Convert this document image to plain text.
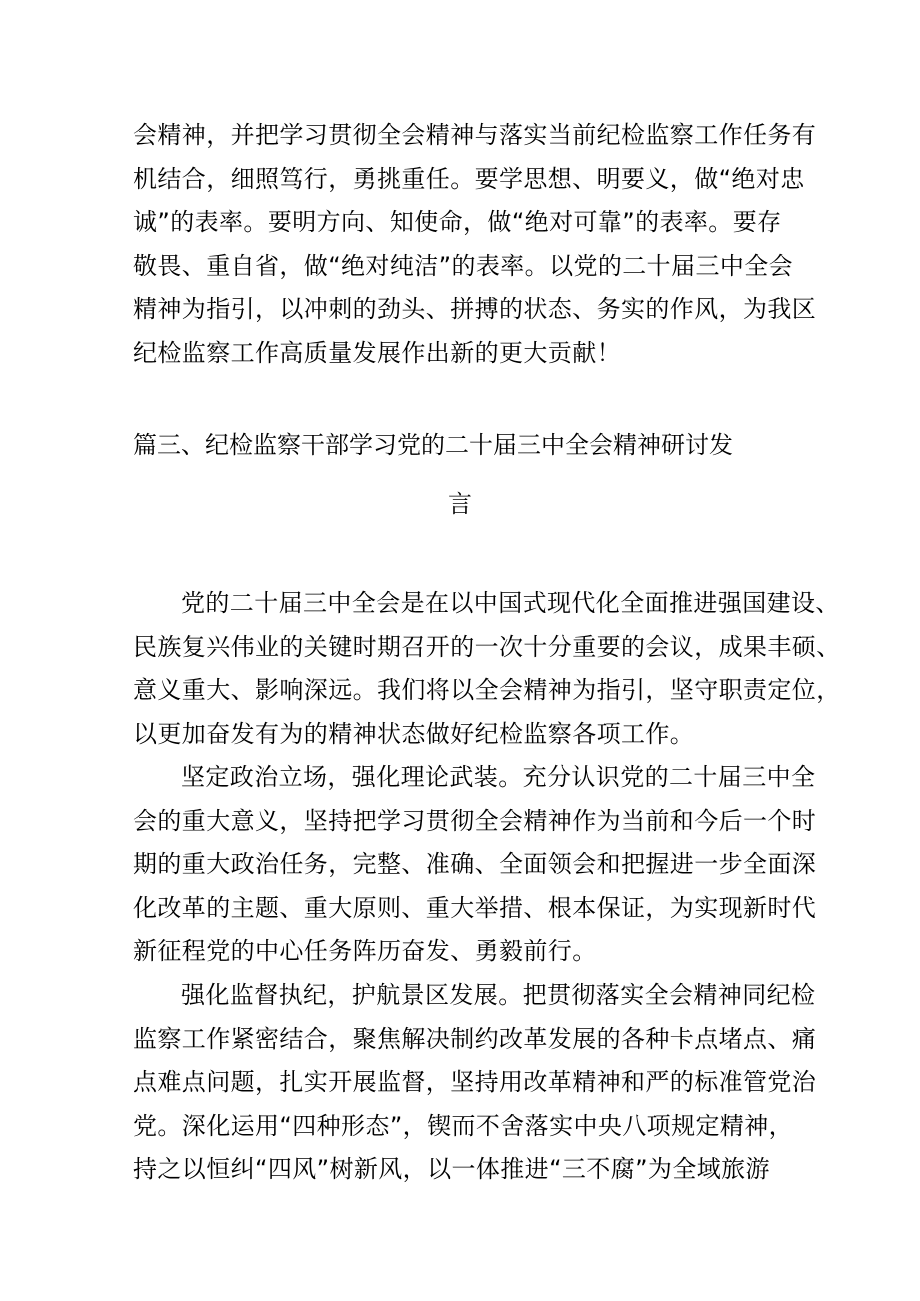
会精神，并把学习贯彻全会精神与落实当前纪检监察工作任务有
机结合，细照笃行，勇挑重任。要学思想、明要义，做“绝对忠
诚”的表率。要明方向、知使命，做“绝对可靠”的表率。要存
敬畏、重自省，做“绝对纯洁”的表率。以党的二十届三中全会
精神为指引，以冲刺的劲头、拼搏的状态、务实的作风，为我区
纪检监察工作高质量发展作出新的更大贡献！
篇三、纪检监察干部学习党的二十届三中全会精神研讨发
言
党的二十届三中全会是在以中国式现代化全面推进强国建设、
民族复兴伟业的关键时期召开的一次十分重要的会议，成果丰硕、
意义重大、影响深远。我们将以全会精神为指引，坚守职责定位，
以更加奋发有为的精神状态做好纪检监察各项工作。
坚定政治立场，强化理论武装。充分认识党的二十届三中全
会的重大意义，坚持把学习贯彻全会精神作为当前和今后一个时
期的重大政治任务，完整、准确、全面领会和把握进一步全面深
化改革的主题、重大原则、重大举措、根本保证，为实现新时代
新征程党的中心任务阵历奋发、勇毅前行。
强化监督执纪，护航景区发展。把贯彻落实全会精神同纪检
监察工作紧密结合，聚焦解决制约改革发展的各种卡点堵点、痛
点难点问题，扎实开展监督，坚持用改革精神和严的标准管党治
党。深化运用“四种形态”，锲而不舍落实中央八项规定精神，
持之以恒纠“四风”树新风，以一体推进“三不腐”为全域旅游
